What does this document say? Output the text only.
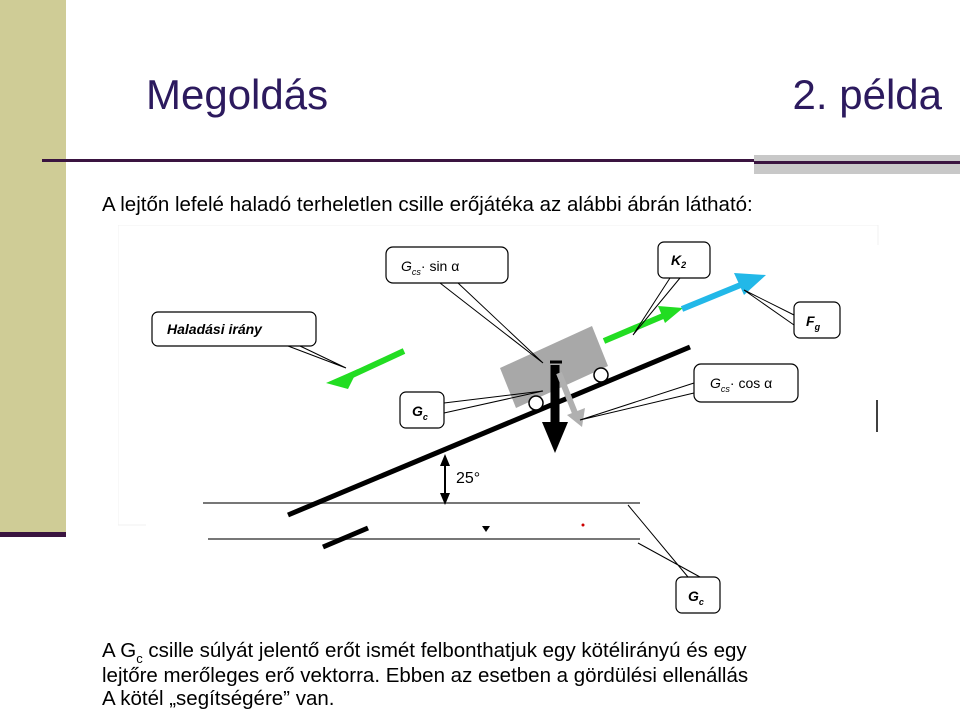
Megoldás	2. példa
A lejtőn lefelé haladó terheletlen csille erőjátéka az alábbi ábrán látható:
25°
$G_{cs}\cdot \sin \alpha$	$K_2$
Haladási irány	$F_g$
$G_{cs}\cdot \cos \alpha$
$G_c$
$G_c$
A $G_c$ csille súlyát jelentő erőt ismét felbonthatjuk egy kötélirányú és egy
lejtőre merőleges erő vektorra. Ebben az esetben a gördülési ellenállás
A kötél „segítségére” van.
